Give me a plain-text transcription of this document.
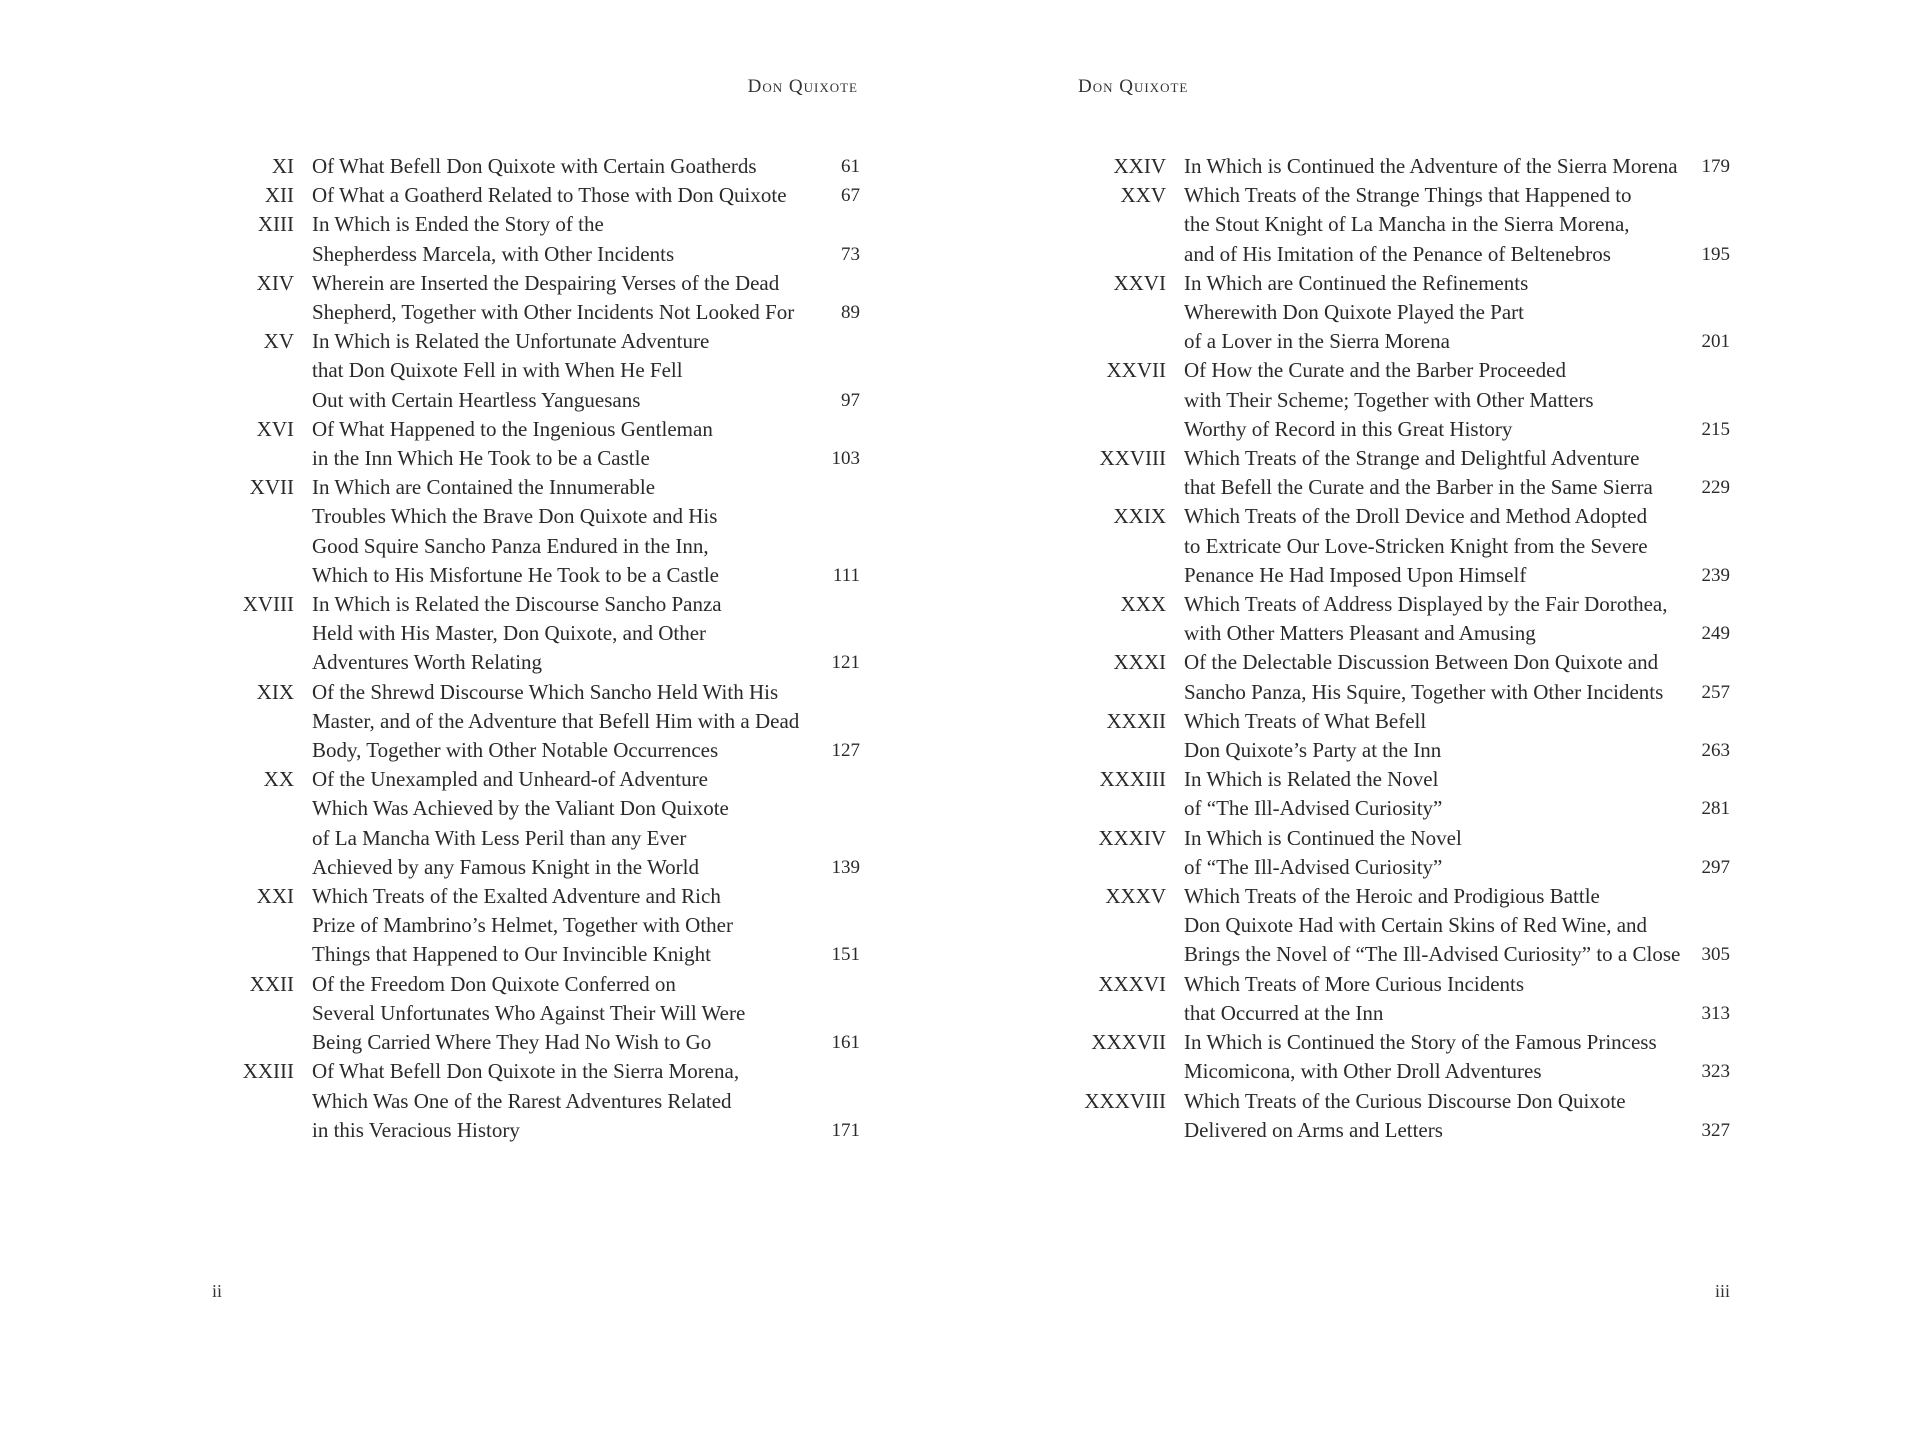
Don Quixote	Don Quixote
XI Of What Befell Don Quixote with Certain Goatherds	61
XII Of What a Goatherd Related to Those with Don Quixote	67
XIII In Which is Ended the Story of the
Shepherdess Marcela, with Other Incidents	73
XIV Wherein are Inserted the Despairing Verses of the Dead
Shepherd, Together with Other Incidents Not Looked For	89
XV In Which is Related the Unfortunate Adventure
that Don Quixote Fell in with When He Fell
Out with Certain Heartless Yanguesans	97
XVI Of What Happened to the Ingenious Gentleman
in the Inn Which He Took to be a Castle	103
XVII In Which are Contained the Innumerable
Troubles Which the Brave Don Quixote and His
Good Squire Sancho Panza Endured in the Inn,
Which to His Misfortune He Took to be a Castle	111
XVIII In Which is Related the Discourse Sancho Panza
Held with His Master, Don Quixote, and Other
Adventures Worth Relating	121
XIX Of the Shrewd Discourse Which Sancho Held With His
Master, and of the Adventure that Befell Him with a Dead
Body, Together with Other Notable Occurrences	127
XX Of the Unexampled and Unheard-of Adventure
Which Was Achieved by the Valiant Don Quixote
of La Mancha With Less Peril than any Ever
Achieved by any Famous Knight in the World	139
XXI Which Treats of the Exalted Adventure and Rich
Prize of Mambrino’s Helmet, Together with Other
Things that Happened to Our Invincible Knight	151
XXII Of the Freedom Don Quixote Conferred on
Several Unfortunates Who Against Their Will Were
Being Carried Where They Had No Wish to Go	161
XXIII Of What Befell Don Quixote in the Sierra Morena,
Which Was One of the Rarest Adventures Related
in this Veracious History	171
XXIV In Which is Continued the Adventure of the Sierra Morena	179
XXV Which Treats of the Strange Things that Happened to
the Stout Knight of La Mancha in the Sierra Morena,
and of His Imitation of the Penance of Beltenebros	195
XXVI In Which are Continued the Refinements
Wherewith Don Quixote Played the Part
of a Lover in the Sierra Morena	201
XXVII Of How the Curate and the Barber Proceeded
with Their Scheme; Together with Other Matters
Worthy of Record in this Great History	215
XXVIII Which Treats of the Strange and Delightful Adventure
that Befell the Curate and the Barber in the Same Sierra	229
XXIX Which Treats of the Droll Device and Method Adopted
to Extricate Our Love-Stricken Knight from the Severe
Penance He Had Imposed Upon Himself	239
XXX Which Treats of Address Displayed by the Fair Dorothea,
with Other Matters Pleasant and Amusing	249
XXXI Of the Delectable Discussion Between Don Quixote and
Sancho Panza, His Squire, Together with Other Incidents	257
XXXII Which Treats of What Befell
Don Quixote’s Party at the Inn	263
XXXIII In Which is Related the Novel
of “The Ill-Advised Curiosity”	281
XXXIV In Which is Continued the Novel
of “The Ill-Advised Curiosity”	297
XXXV Which Treats of the Heroic and Prodigious Battle
Don Quixote Had with Certain Skins of Red Wine, and
Brings the Novel of “The Ill-Advised Curiosity” to a Close	305
XXXVI Which Treats of More Curious Incidents
that Occurred at the Inn	313
XXXVII In Which is Continued the Story of the Famous Princess
Micomicona, with Other Droll Adventures	323
XXXVIII Which Treats of the Curious Discourse Don Quixote
Delivered on Arms and Letters	327
ii	iii
